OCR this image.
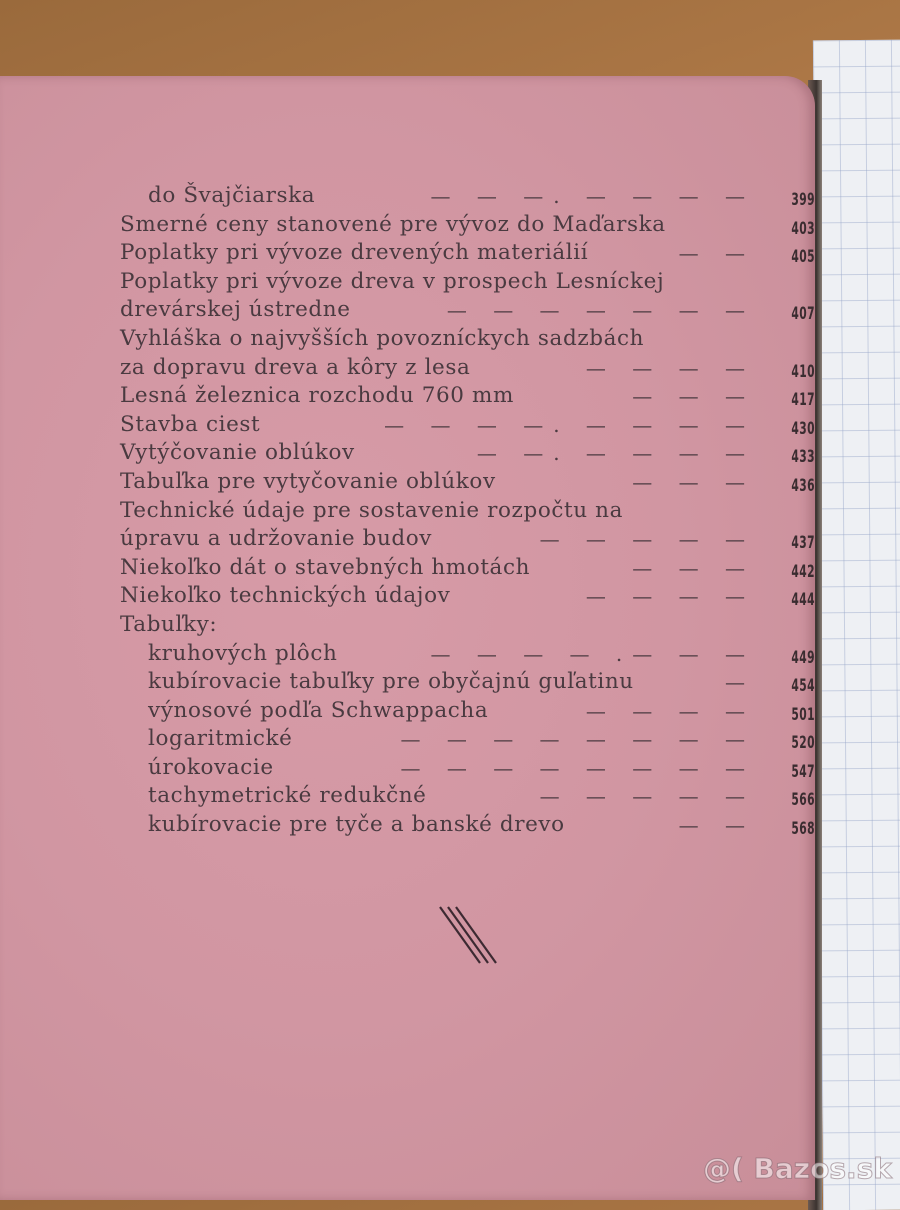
do Švajčiarska	— — —. — — — —	399
Smerné ceny stanovené pre vývoz do Maďarska	403
Poplatky pri vývoze drevených materiálií	— —	405
Poplatky pri vývoze dreva v prospech Lesníckej
drevárskej ústredne	— — — — — — —	407
Vyhláška o najvyšších povozníckych sadzbách
za dopravu dreva a kôry z lesa	— — — —	410
Lesná železnica rozchodu 760 mm	— — —	417
Stavba ciest	— — — —. — — — —	430
Vytýčovanie oblúkov	— —. — — — —	433
Tabuľka pre vytyčovanie oblúkov	— — —	436
Technické údaje pre sostavenie rozpočtu na
úpravu a udržovanie budov	— — — — —	437
Niekoľko dát o stavebných hmotách	— — —	442
Niekoľko technických údajov	— — — —	444
Tabuľky:
kruhových plôch	— — — — .— — —	449
kubírovacie tabuľky pre obyčajnú guľatinu	—	454
výnosové podľa Schwappacha	— — — —	501
logaritmické	— — — — — — — —	520
úrokovacie	— — — — — — — —	547
tachymetrické redukčné	— — — — —	566
kubírovacie pre tyče a banské drevo	— —	568
@( Bazos.sk
